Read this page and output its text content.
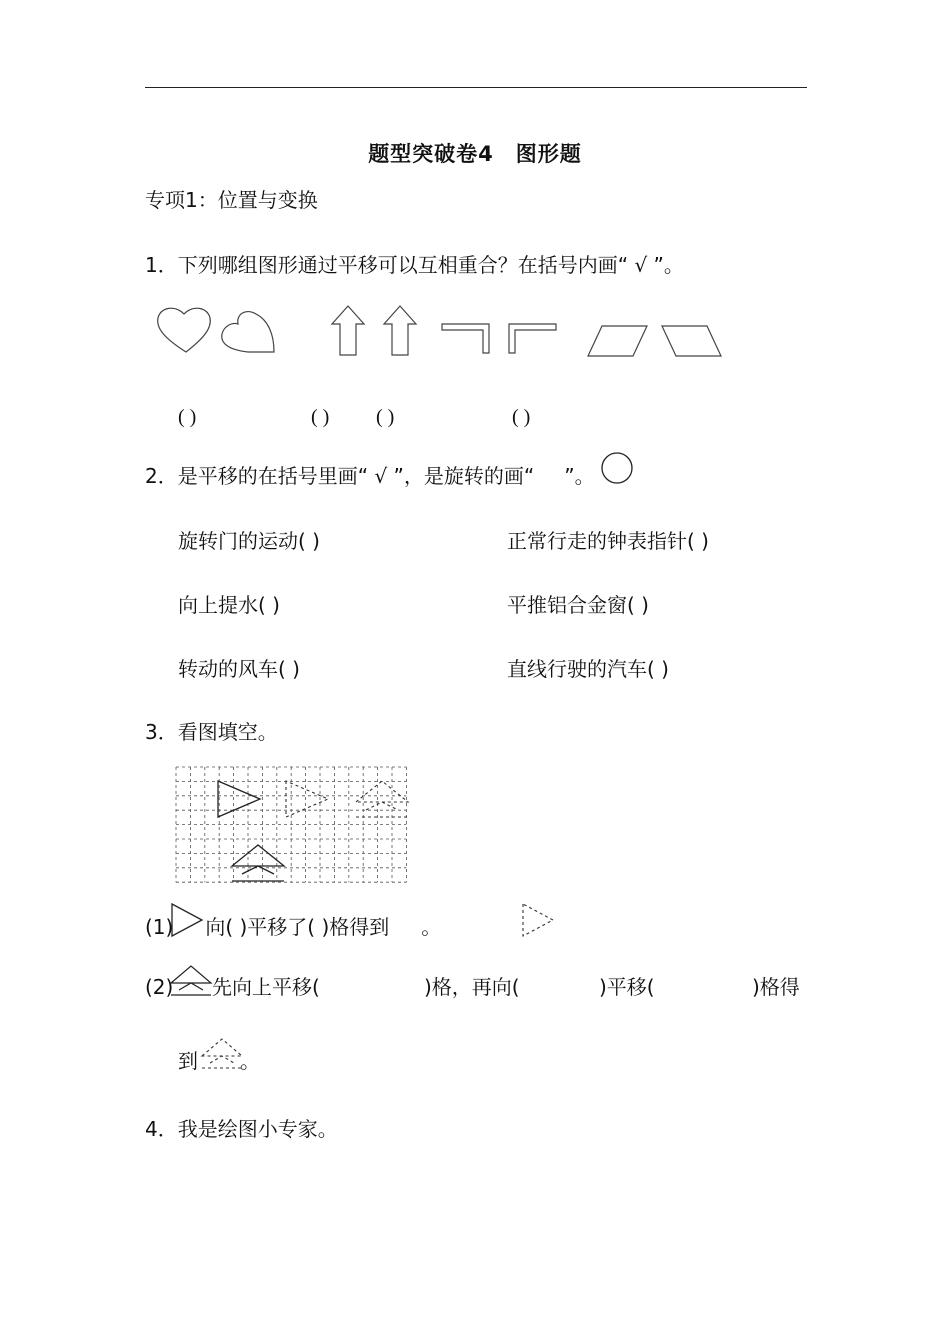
题型突破卷4　图形题
专项1：位置与变换
1．下列哪组图形通过平移可以互相重合？在括号内画“ √ ”。
( )	( ) ( )	( )
2．是平移的在括号里画“ √ ”，是旋转的画“ ”。
旋转门的运动( )	正常行走的钟表指针( )
向上提水( )	平推铝合金窗( )
转动的风车( )	直线行驶的汽车( )
3．看图填空。
(1) 向( )平移了( )格得到 。
(2) 先向上平移(	)格，再向(	)平移(	)格得
到 。
4．我是绘图小专家。
